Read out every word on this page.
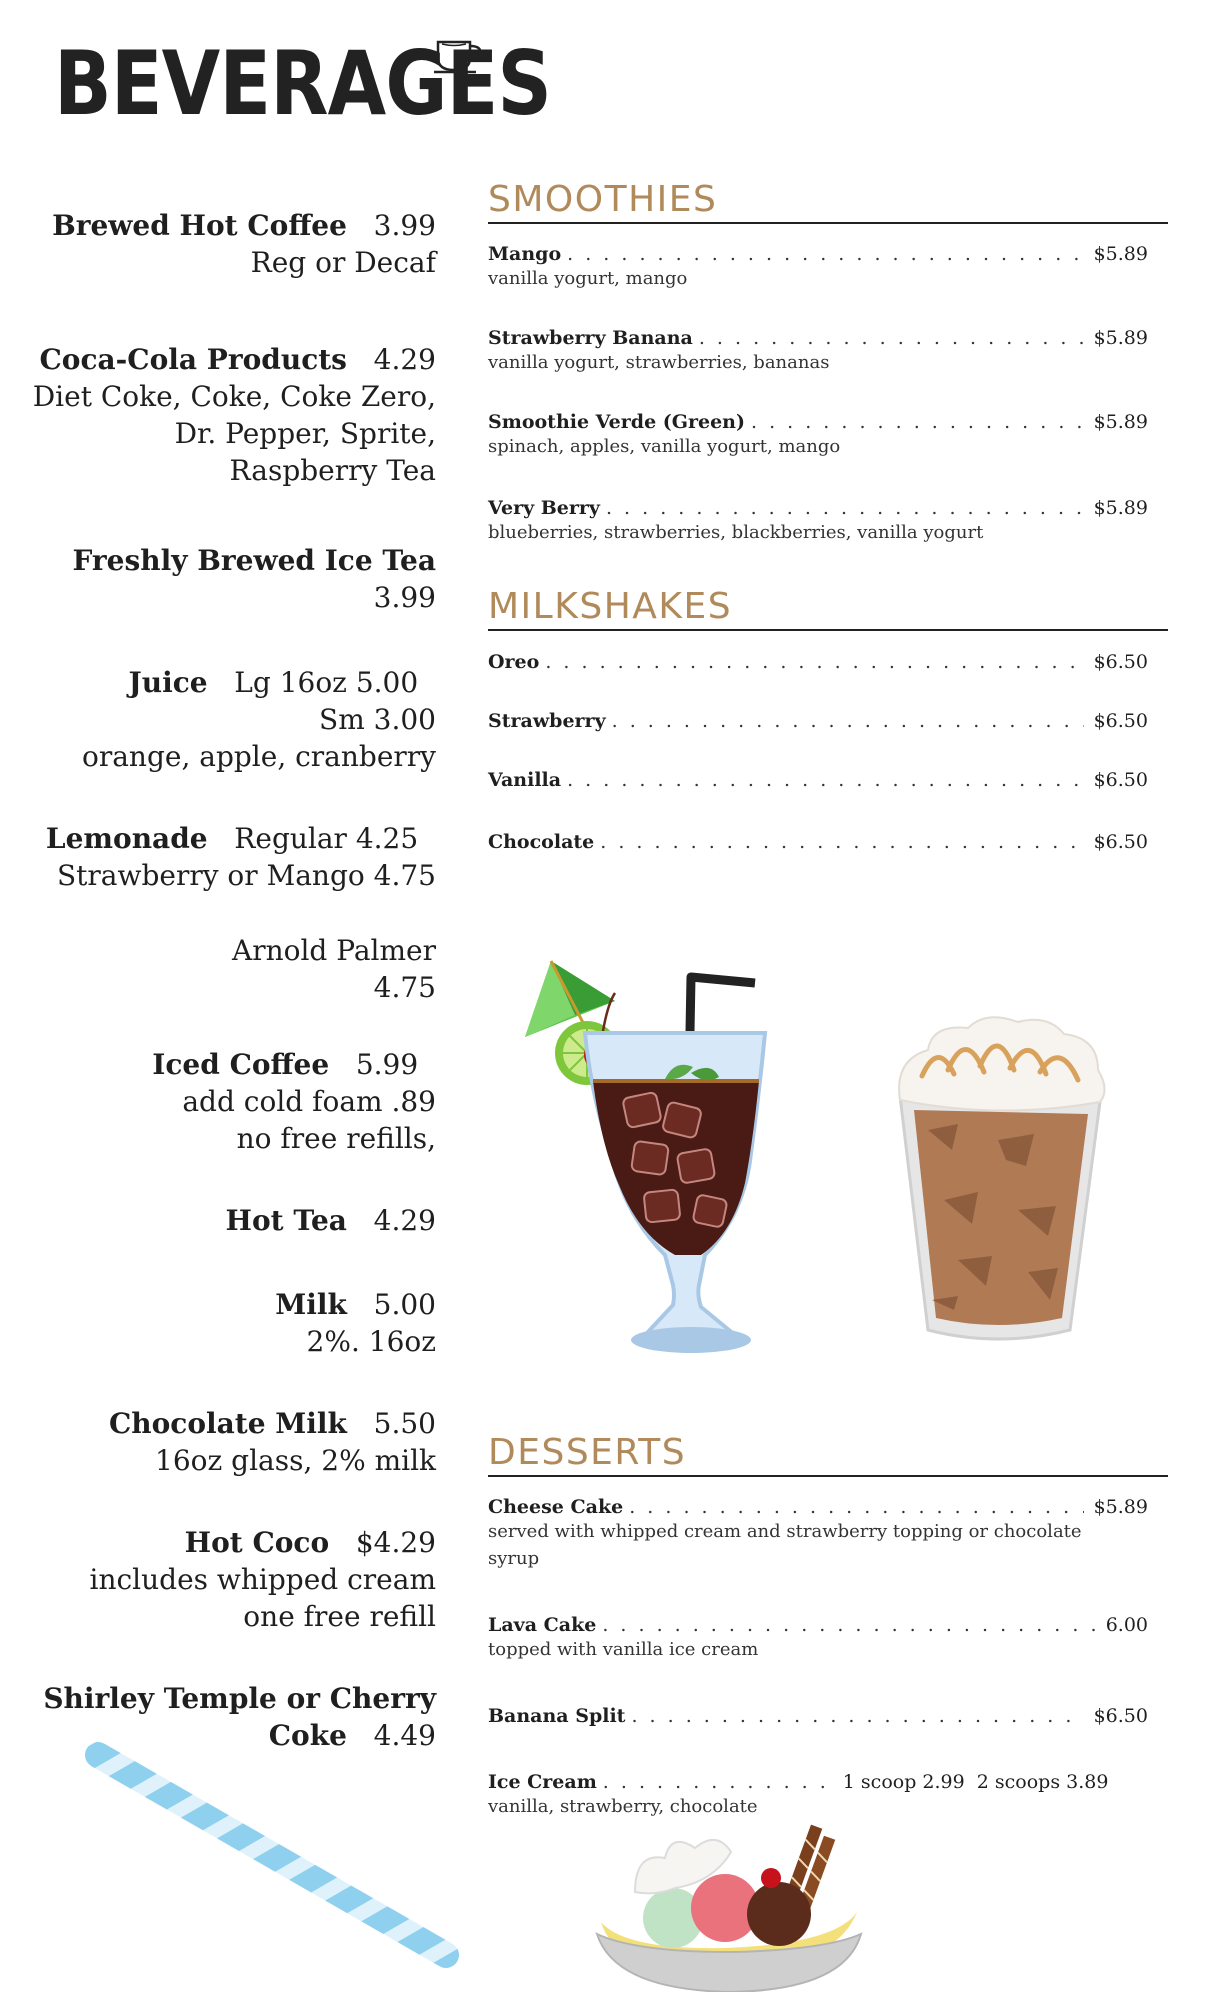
BEVERAGES
Brewed Hot Coffee 3.99
Reg or Decaf
Coca-Cola Products 4.29
Diet Coke, Coke, Coke Zero,
Dr. Pepper, Sprite,
Raspberry Tea
Freshly Brewed Ice Tea
3.99
Juice Lg 16oz 5.00
Sm 3.00
orange, apple, cranberry
Lemonade Regular 4.25
Strawberry or Mango 4.75
Arnold Palmer
4.75
Iced Coffee 5.99
add cold foam .89
no free refills,
Hot Tea 4.29
Milk 5.00
2%. 16oz
Chocolate Milk 5.50
16oz glass, 2% milk
Hot Coco $4.29
includes whipped cream
one free refill
Shirley Temple or Cherry
Coke 4.49
SMOOTHIES
Mango . . .	$5.89
vanilla yogurt, mango
Strawberry Banana . . .	$5.89
vanilla yogurt, strawberries, bananas
Smoothie Verde (Green) . . .	$5.89
spinach, apples, vanilla yogurt, mango
Very Berry . . .	$5.89
blueberries, strawberries, blackberries, vanilla yogurt
MILKSHAKES
Oreo . . .	$6.50
Strawberry . . .	$6.50
Vanilla . . .	$6.50
Chocolate . . .	$6.50
DESSERTS
Cheese Cake . . .	$5.89
served with whipped cream and strawberry topping or chocolate syrup
Lava Cake . . .	6.00
topped with vanilla ice cream
Banana Split . . .	$6.50
Ice Cream . . .	1 scoop 2.99  2 scoops 3.89
vanilla, strawberry, chocolate
